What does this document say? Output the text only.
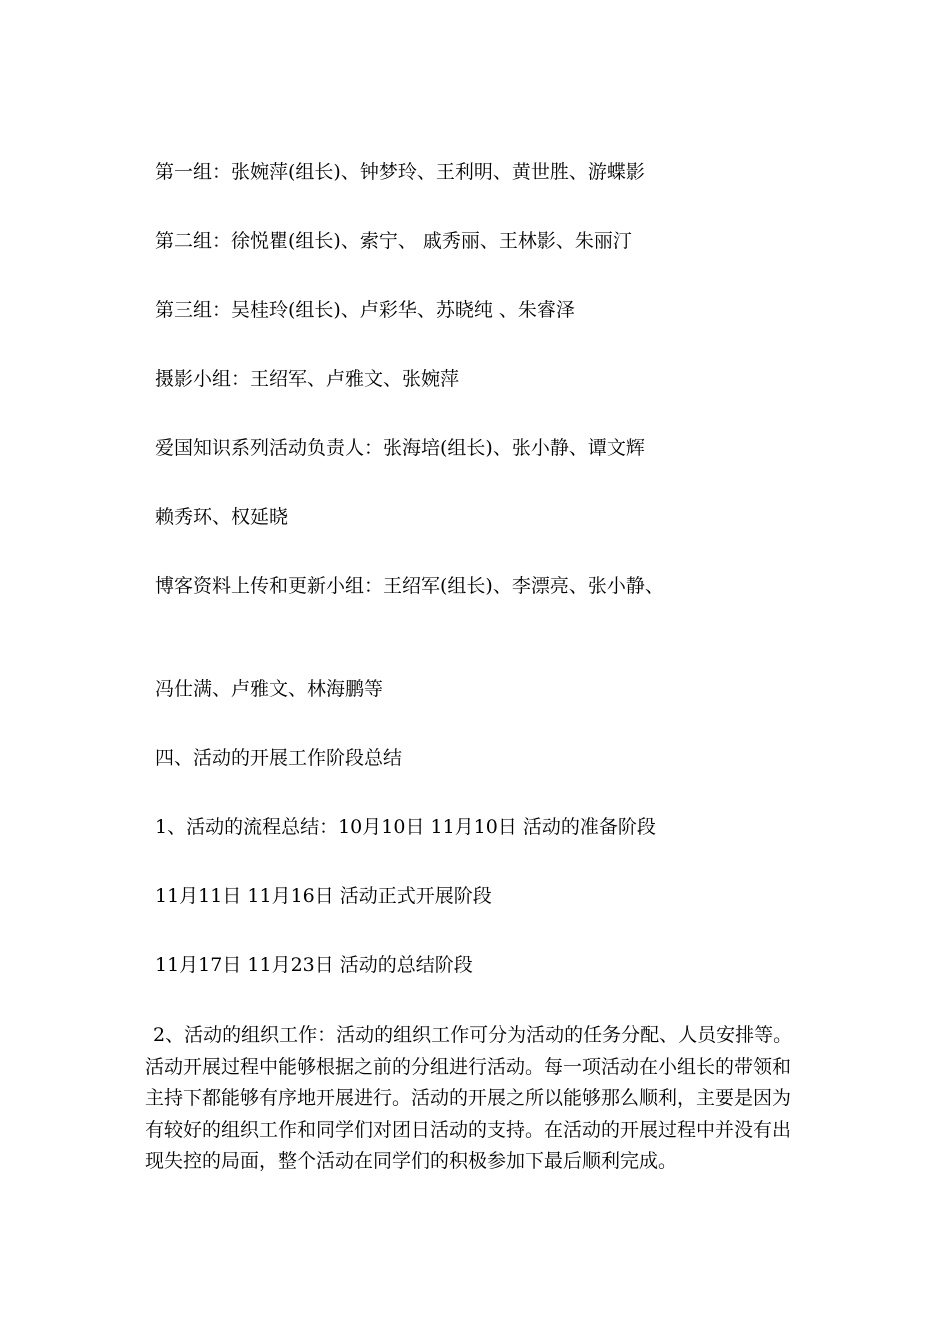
第一组：张婉萍(组长)、钟梦玲、王利明、黄世胜、游蝶影
第二组：徐悦瞿(组长)、索宁、 戚秀丽、王林影、朱丽汀
第三组：吴桂玲(组长)、卢彩华、苏晓纯 、朱睿泽
摄影小组：王绍军、卢雅文、张婉萍
爱国知识系列活动负责人：张海培(组长)、张小静、谭文辉
赖秀环、权延晓
博客资料上传和更新小组：王绍军(组长)、李漂亮、张小静、
冯仕满、卢雅文、林海鹏等
四、活动的开展工作阶段总结
1、活动的流程总结：10月10日 11月10日 活动的准备阶段
11月11日 11月16日 活动正式开展阶段
11月17日 11月23日 活动的总结阶段
2、活动的组织工作：活动的组织工作可分为活动的任务分配、人员安排等。活动开展过程中能够根据之前的分组进行活动。每一项活动在小组长的带领和主持下都能够有序地开展进行。活动的开展之所以能够那么顺利，主要是因为有较好的组织工作和同学们对团日活动的支持。在活动的开展过程中并没有出现失控的局面，整个活动在同学们的积极参加下最后顺利完成。
